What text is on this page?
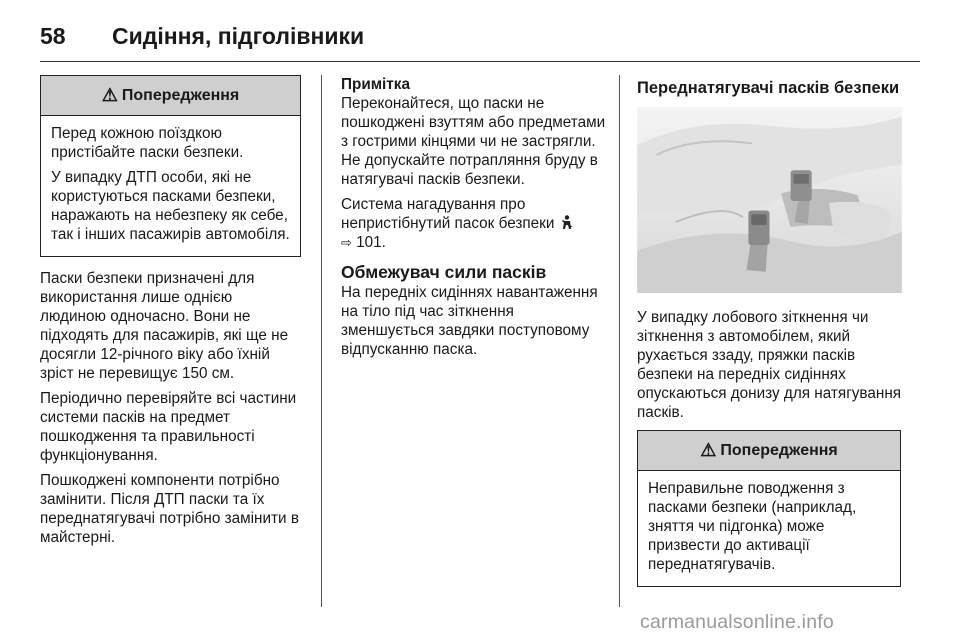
58	Сидіння, підголівники
⚠ Попередження

Перед кожною поїздкою пристібайте паски безпеки.

У випадку ДТП особи, які не користуються пасками безпеки, наражають на небезпеку як себе, так і інших пасажирів автомобіля.

Паски безпеки призначені для використання лише однією людиною одночасно. Вони не підходять для пасажирів, які ще не досягли 12-річного віку або їхній зріст не перевищує 150 см.

Періодично перевіряйте всі частини системи пасків на предмет пошкодження та правильності функціонування.

Пошкоджені компоненти потрібно замінити. Після ДТП паски та їх переднатягувачі потрібно замінити в майстерні.

Примітка

Переконайтеся, що паски не пошкоджені взуттям або предметами з гострими кінцями чи не застрягли. Не допускайте потрапляння бруду в натягувачі пасків безпеки.

Система нагадування про непристібнутий пасок безпеки
⇨ 101.

Обмежувач сили пасків

На передніх сидіннях навантаження на тіло під час зіткнення зменшується завдяки поступовому відпусканню паска.

Переднатягувачі пасків безпеки

У випадку лобового зіткнення чи зіткнення з автомобілем, який рухається ззаду, пряжки пасків безпеки на передніх сидіннях опускаються донизу для натягування пасків.

⚠ Попередження

Неправильне поводження з пасками безпеки (наприклад, зняття чи підгонка) може призвести до активації переднатягувачів.

carmanualsonline.info
